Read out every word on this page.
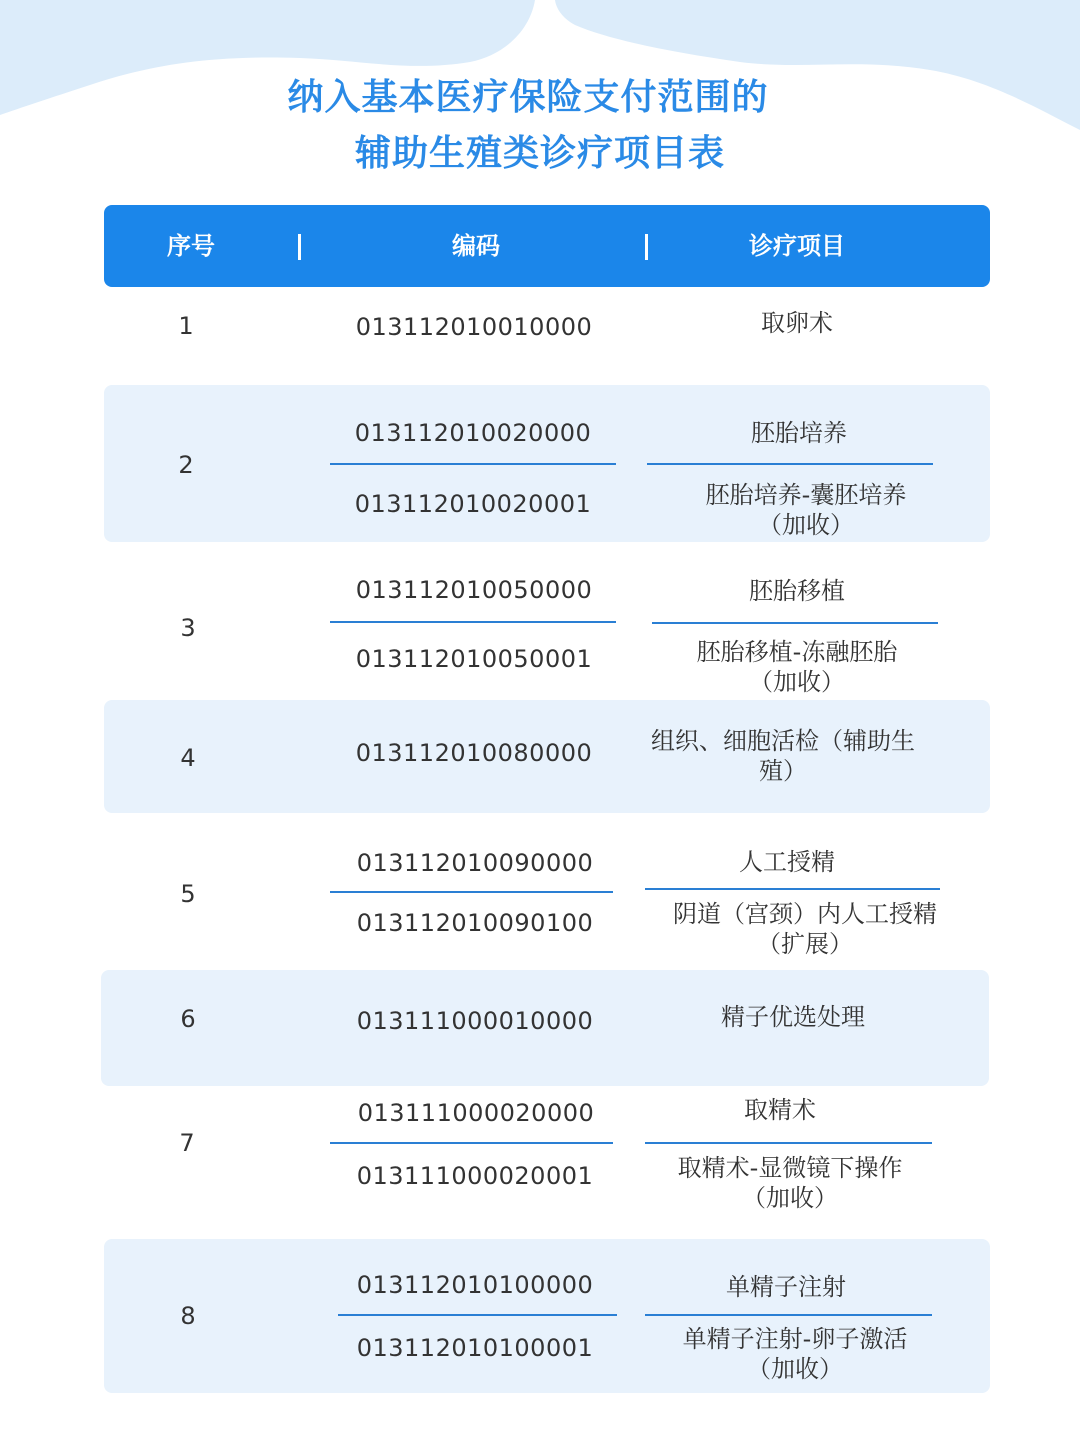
纳入基本医疗保险支付范围的
辅助生殖类诊疗项目表
序号	编码	诊疗项目
1	013112010010000	取卵术
2
013112010020000	胚胎培养
013112010020001	胚胎培养-囊胚培养（加收）
3
013112010050000	胚胎移植
013112010050001	胚胎移植-冻融胚胎（加收）
4	013112010080000	组织、细胞活检（辅助生殖）
5
013112010090000	人工授精
013112010090100	阴道（宫颈）内人工授精（扩展）
6	013111000010000	精子优选处理
7
013111000020000	取精术
013111000020001	取精术-显微镜下操作（加收）
8
013112010100000	单精子注射
013112010100001	单精子注射-卵子激活（加收）
